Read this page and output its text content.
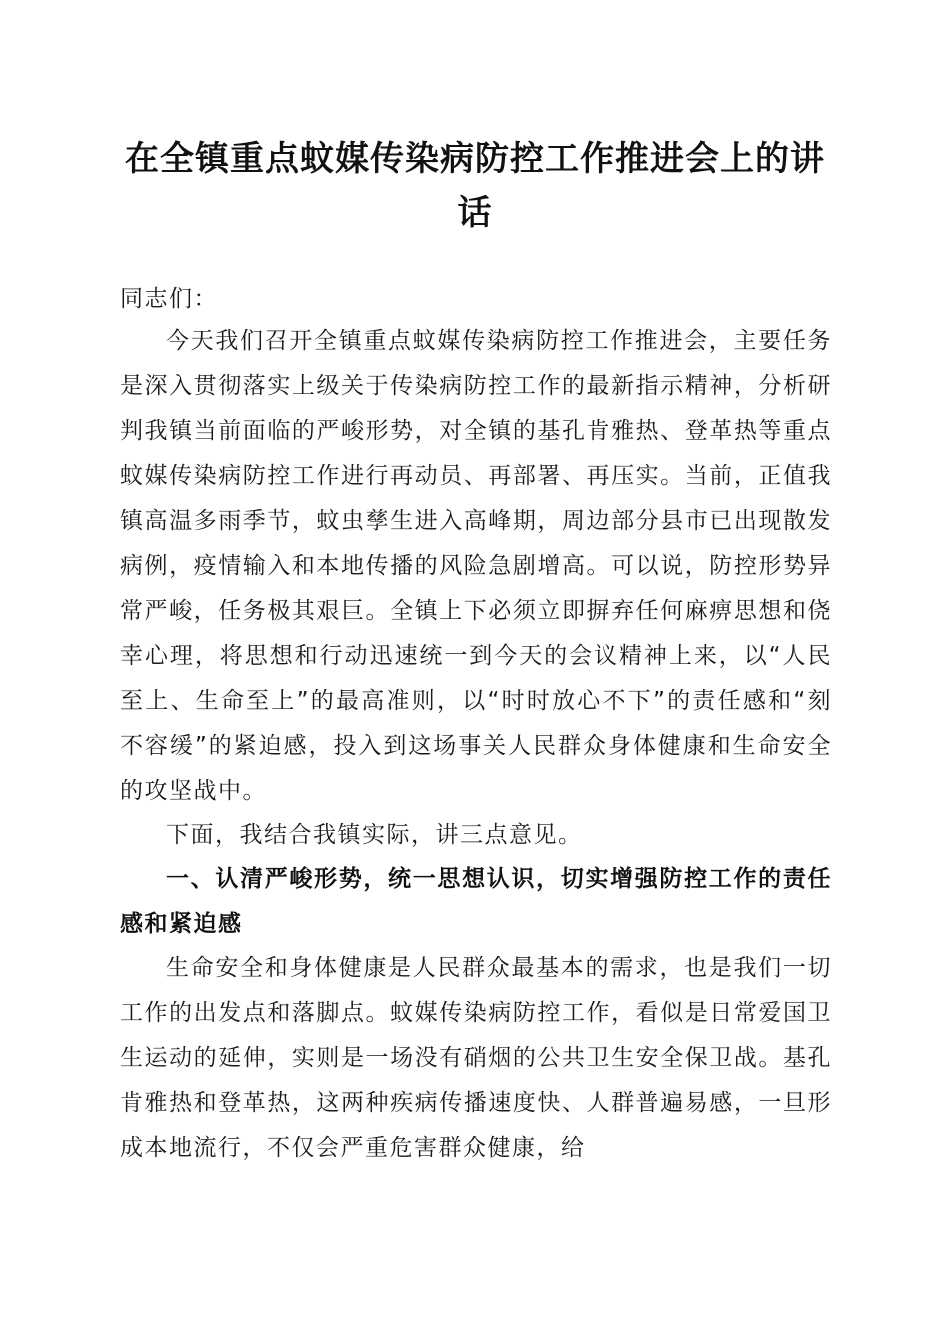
在全镇重点蚊媒传染病防控工作推进会上的讲话

同志们：

今天我们召开全镇重点蚊媒传染病防控工作推进会，主要任务是深入贯彻落实上级关于传染病防控工作的最新指示精神，分析研判我镇当前面临的严峻形势，对全镇的基孔肯雅热、登革热等重点蚊媒传染病防控工作进行再动员、再部署、再压实。当前，正值我镇高温多雨季节，蚊虫孳生进入高峰期，周边部分县市已出现散发病例，疫情输入和本地传播的风险急剧增高。可以说，防控形势异常严峻，任务极其艰巨。全镇上下必须立即摒弃任何麻痹思想和侥幸心理，将思想和行动迅速统一到今天的会议精神上来，以“人民至上、生命至上”的最高准则，以“时时放心不下”的责任感和“刻不容缓”的紧迫感，投入到这场事关人民群众身体健康和生命安全的攻坚战中。

下面，我结合我镇实际，讲三点意见。

一、认清严峻形势，统一思想认识，切实增强防控工作的责任感和紧迫感

生命安全和身体健康是人民群众最基本的需求，也是我们一切工作的出发点和落脚点。蚊媒传染病防控工作，看似是日常爱国卫生运动的延伸，实则是一场没有硝烟的公共卫生安全保卫战。基孔肯雅热和登革热，这两种疾病传播速度快、人群普遍易感，一旦形成本地流行，不仅会严重危害群众健康，给
